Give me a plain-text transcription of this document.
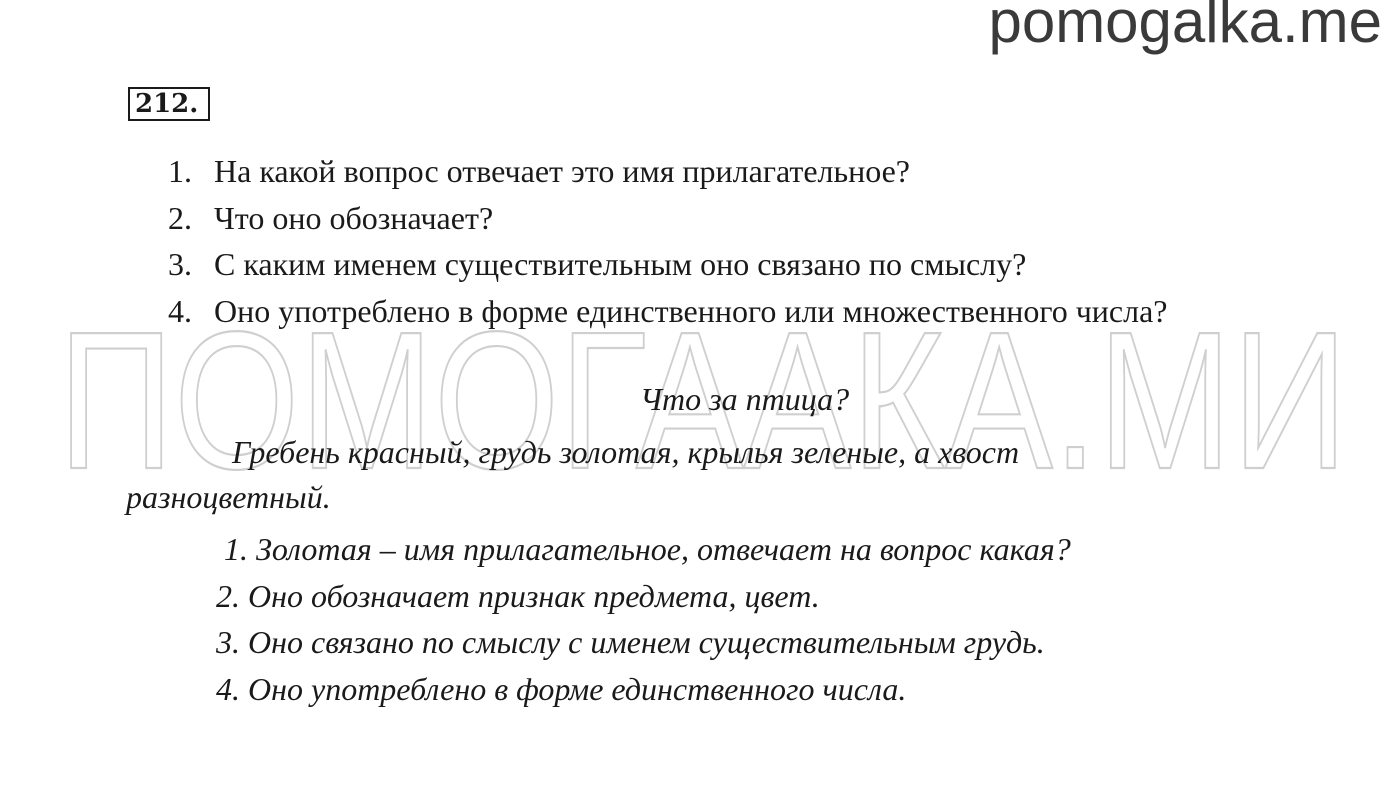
pomogalka.me
ПОМОГААКА.МИ
212.
1. На какой вопрос отвечает это имя прилагательное?
2. Что оно обозначает?
3. С каким именем существительным оно связано по смыслу?
4. Оно употреблено в форме единственного или множественного числа?
Что за птица?
Гребень красный, грудь золотая, крылья зеленые, а хвост
разноцветный.
1. Золотая – имя прилагательное, отвечает на вопрос какая?
2. Оно обозначает признак предмета, цвет.
3. Оно связано по смыслу с именем существительным грудь.
4. Оно употреблено в форме единственного числа.
